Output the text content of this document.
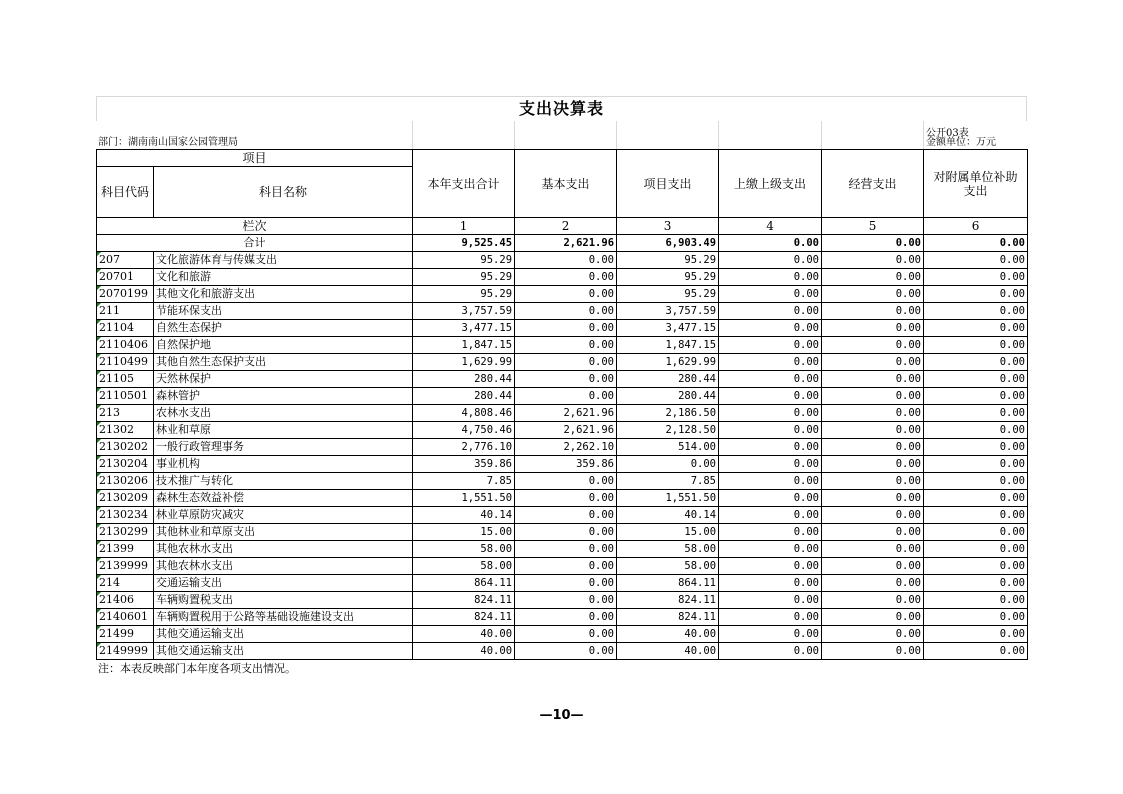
支出决算表
部门：湖南南山国家公园管理局
公开03表
金额单位：万元
项目		本年支出合计	基本支出	项目支出	上缴上级支出	经营支出	对附属单位补助支出
科目代码	科目名称						
栏次		1	2	3	4	5	6
合计		9,525.45	2,621.96	6,903.49	0.00	0.00	0.00
207	文化旅游体育与传媒支出	95.29	0.00	95.29	0.00	0.00	0.00
20701	文化和旅游	95.29	0.00	95.29	0.00	0.00	0.00
2070199	其他文化和旅游支出	95.29	0.00	95.29	0.00	0.00	0.00
211	节能环保支出	3,757.59	0.00	3,757.59	0.00	0.00	0.00
21104	自然生态保护	3,477.15	0.00	3,477.15	0.00	0.00	0.00
2110406	自然保护地	1,847.15	0.00	1,847.15	0.00	0.00	0.00
2110499	其他自然生态保护支出	1,629.99	0.00	1,629.99	0.00	0.00	0.00
21105	天然林保护	280.44	0.00	280.44	0.00	0.00	0.00
2110501	森林管护	280.44	0.00	280.44	0.00	0.00	0.00
213	农林水支出	4,808.46	2,621.96	2,186.50	0.00	0.00	0.00
21302	林业和草原	4,750.46	2,621.96	2,128.50	0.00	0.00	0.00
2130202	一般行政管理事务	2,776.10	2,262.10	514.00	0.00	0.00	0.00
2130204	事业机构	359.86	359.86	0.00	0.00	0.00	0.00
2130206	技术推广与转化	7.85	0.00	7.85	0.00	0.00	0.00
2130209	森林生态效益补偿	1,551.50	0.00	1,551.50	0.00	0.00	0.00
2130234	林业草原防灾减灾	40.14	0.00	40.14	0.00	0.00	0.00
2130299	其他林业和草原支出	15.00	0.00	15.00	0.00	0.00	0.00
21399	其他农林水支出	58.00	0.00	58.00	0.00	0.00	0.00
2139999	其他农林水支出	58.00	0.00	58.00	0.00	0.00	0.00
214	交通运输支出	864.11	0.00	864.11	0.00	0.00	0.00
21406	车辆购置税支出	824.11	0.00	824.11	0.00	0.00	0.00
2140601	车辆购置税用于公路等基础设施建设支出	824.11	0.00	824.11	0.00	0.00	0.00
21499	其他交通运输支出	40.00	0.00	40.00	0.00	0.00	0.00
2149999	其他交通运输支出	40.00	0.00	40.00	0.00	0.00	0.00
注：本表反映部门本年度各项支出情况。
—10—
